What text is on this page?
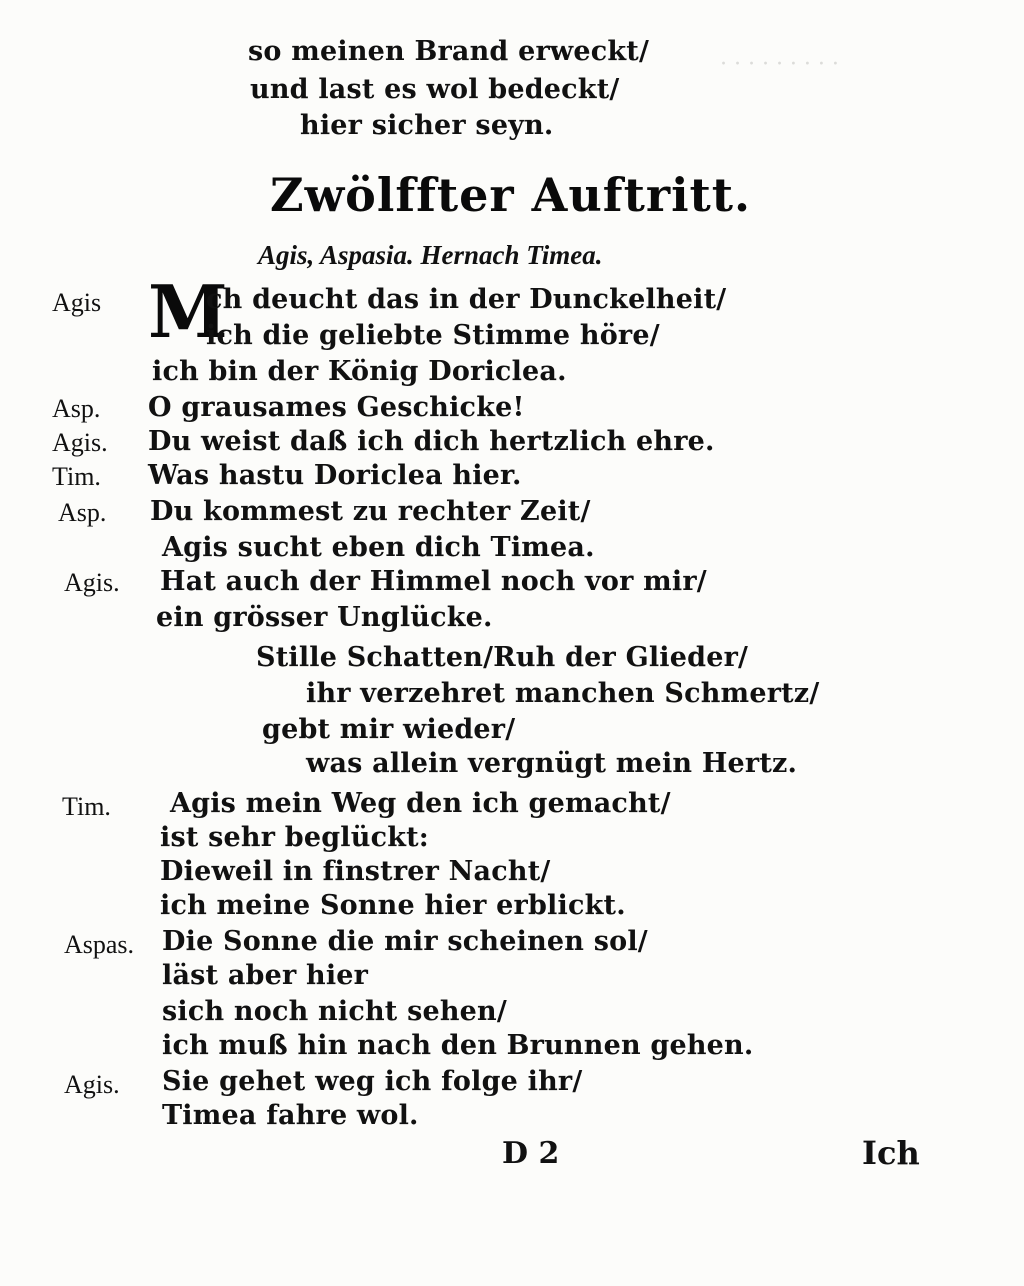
· · · · · · · · ·
so meinen Brand erweckt/
und last es wol bedeckt/
hier sicher seyn.
Zwölffter Auftritt.
Agis, Aspasia. Hernach Timea.
Agis M
ch deucht das in der Dunckelheit/
ich die geliebte Stimme höre/
ich bin der König Doriclea.
Asp. O grausames Geschicke!
Agis. Du weist daß ich dich hertzlich ehre.
Tim. Was hastu Doriclea hier.
Asp. Du kommest zu rechter Zeit/
Agis sucht eben dich Timea.
Agis. Hat auch der Himmel noch vor mir/
ein grösser Unglücke.
Stille Schatten/Ruh der Glieder/
ihr verzehret manchen Schmertz/
gebt mir wieder/
was allein vergnügt mein Hertz.
Tim. Agis mein Weg den ich gemacht/
ist sehr beglückt:
Dieweil in finstrer Nacht/
ich meine Sonne hier erblickt.
Aspas. Die Sonne die mir scheinen sol/
läst aber hier
sich noch nicht sehen/
ich muß hin nach den Brunnen gehen.
Agis. Sie gehet weg ich folge ihr/
Timea fahre wol.
D 2	Ich
